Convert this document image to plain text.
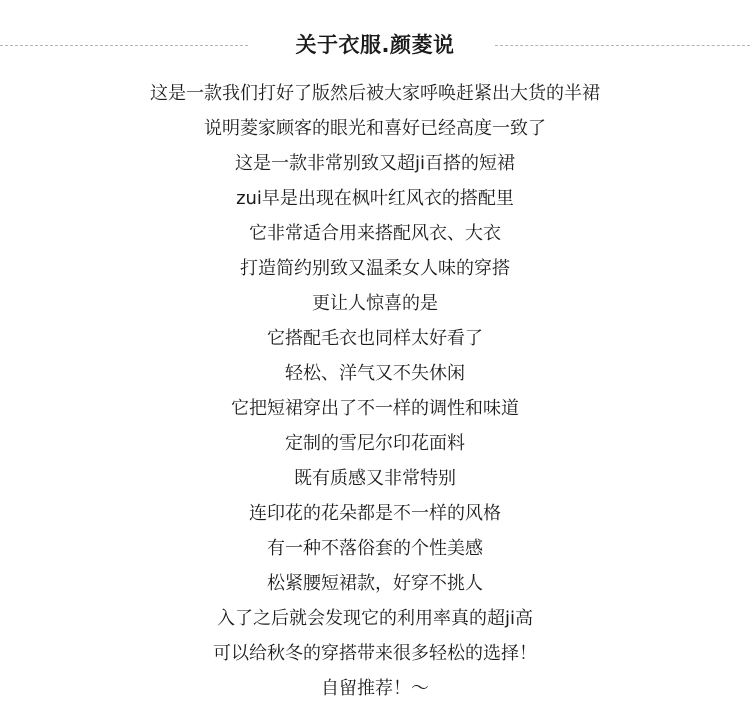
关于衣服.颜菱说
这是一款我们打好了版然后被大家呼唤赶紧出大货的半裙
说明菱家顾客的眼光和喜好已经高度一致了
这是一款非常别致又超ji百搭的短裙
zui早是出现在枫叶红风衣的搭配里
它非常适合用来搭配风衣、大衣
打造简约别致又温柔女人味的穿搭
更让人惊喜的是
它搭配毛衣也同样太好看了
轻松、洋气又不失休闲
它把短裙穿出了不一样的调性和味道
定制的雪尼尔印花面料
既有质感又非常特别
连印花的花朵都是不一样的风格
有一种不落俗套的个性美感
松紧腰短裙款，好穿不挑人
入了之后就会发现它的利用率真的超ji高
可以给秋冬的穿搭带来很多轻松的选择！
自留推荐！～
